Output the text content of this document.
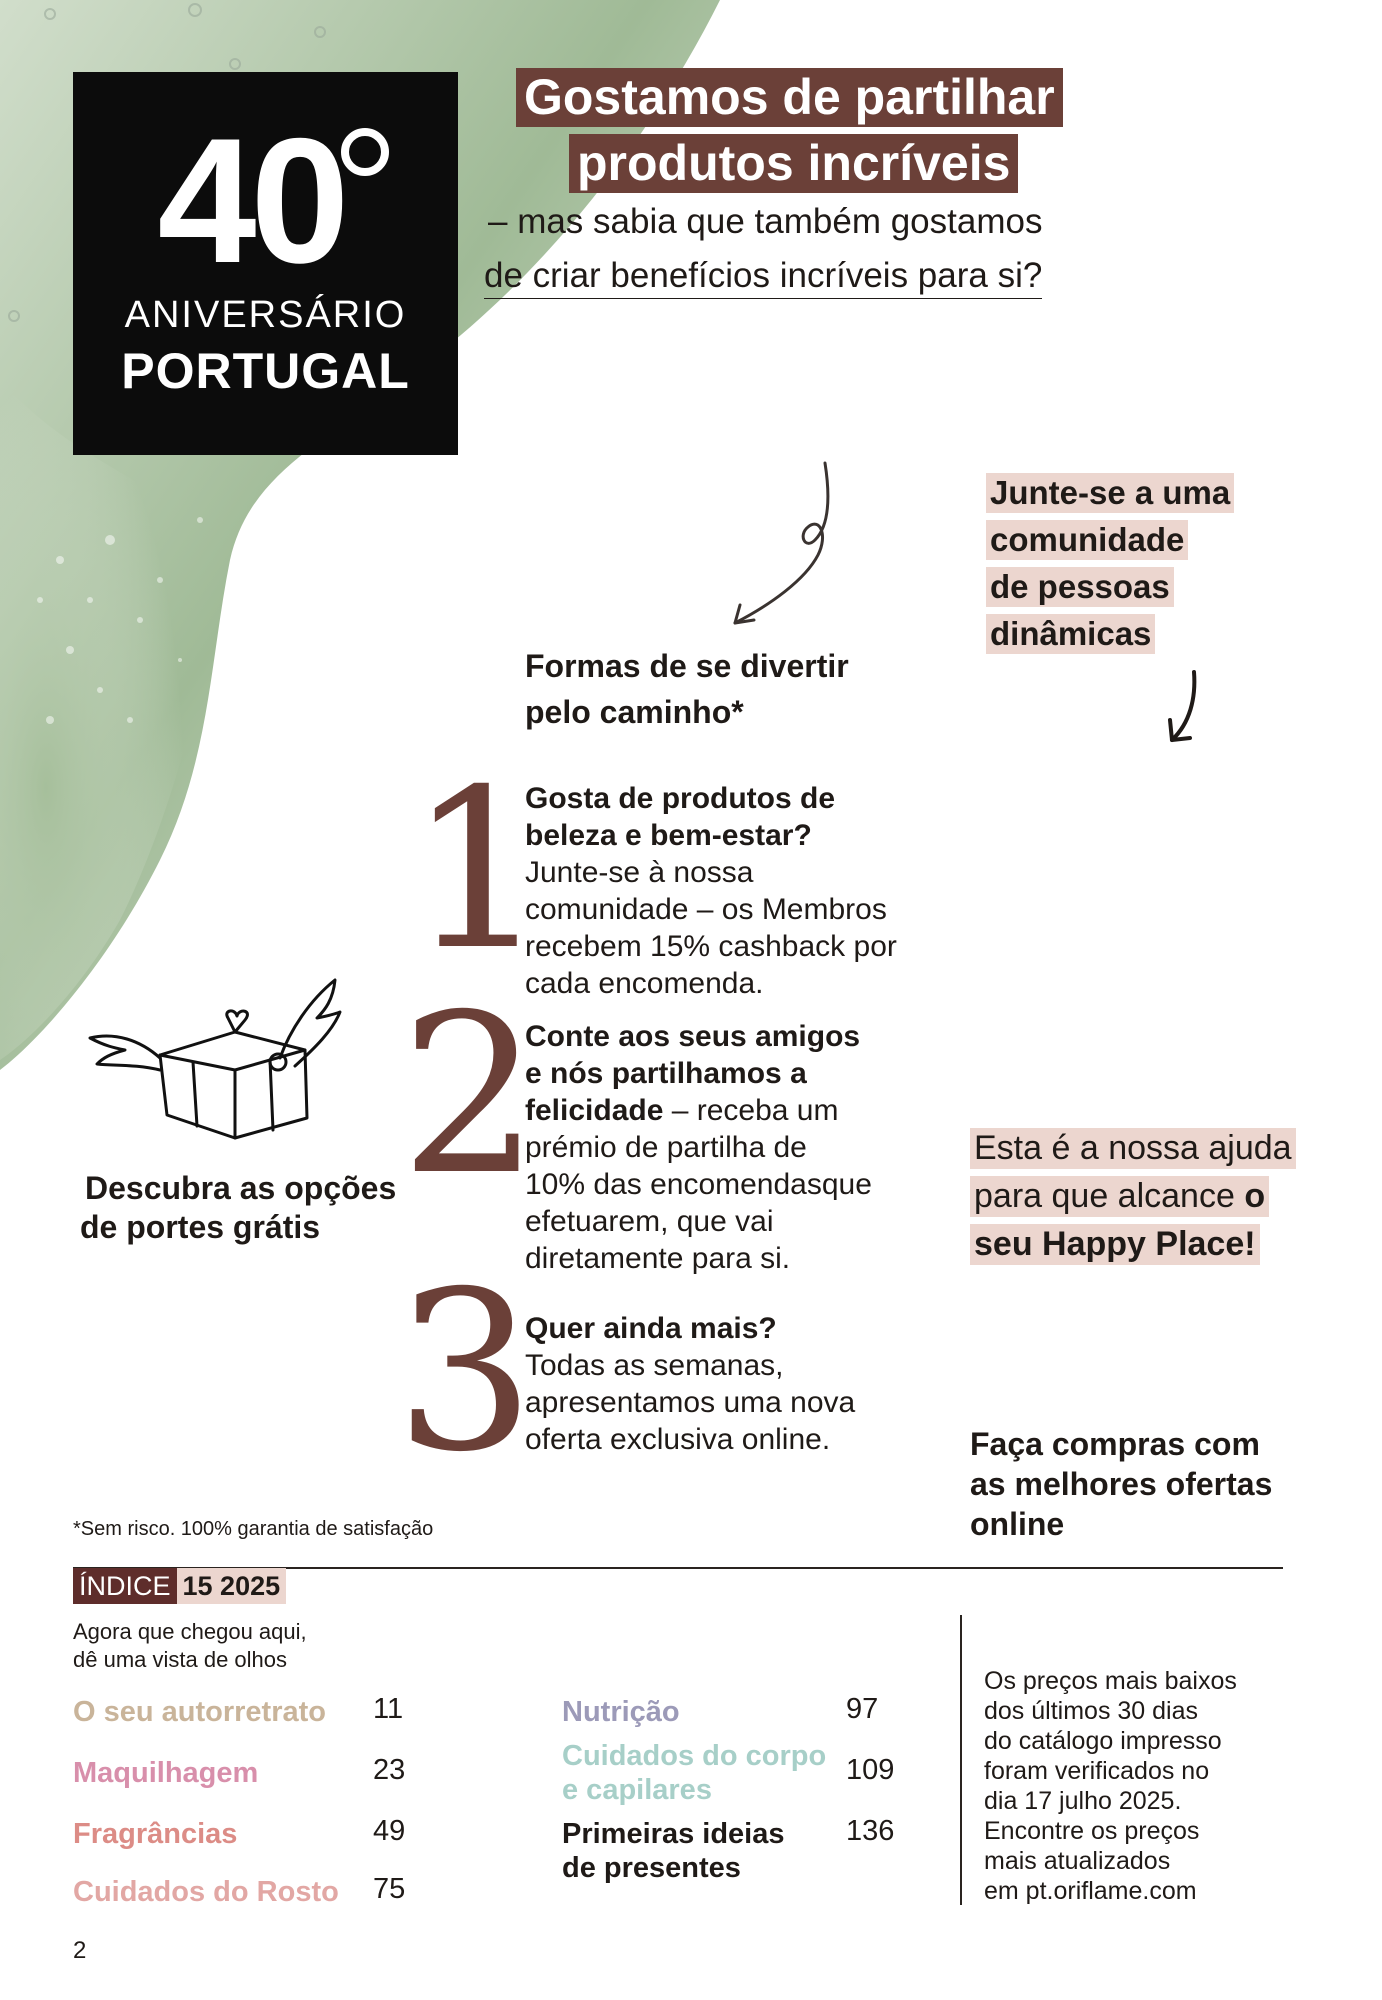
40
ANIVERSÁRIO
PORTUGAL
Gostamos de partilhar
produtos incríveis
– mas sabia que também gostamos
de criar benefícios incríveis para si?
Junte-se a uma
comunidade
de pessoas
dinâmicas
Formas de se divertir
pelo caminho*
1
2
3
Gosta de produtos de
beleza e bem-estar?
Junte-se à nossa
comunidade – os Membros
recebem 15% cashback por
cada encomenda.
Conte aos seus amigos
e nós partilhamos a
felicidade – receba um
prémio de partilha de
10% das encomendasque
efetuarem, que vai
diretamente para si.
Quer ainda mais?
Todas as semanas,
apresentamos uma nova
oferta exclusiva online.
Descubra as opções
de portes grátis
Esta é a nossa ajuda
para que alcance o
seu Happy Place!
Faça compras com
as melhores ofertas
online
*Sem risco. 100% garantia de satisfação
ÍNDICE 15 2025
Agora que chegou aqui,
dê uma vista de olhos
O seu autorretrato 11
Maquilhagem	23
Fragrâncias	49
Cuidados do Rosto 75
Nutrição	97
Cuidados do corpo
e capilares
109
Primeiras ideias
de presentes
136
Os preços mais baixos
dos últimos 30 dias
do catálogo impresso
foram verificados no
dia 17 julho 2025.
Encontre os preços
mais atualizados
em pt.oriflame.com
2
